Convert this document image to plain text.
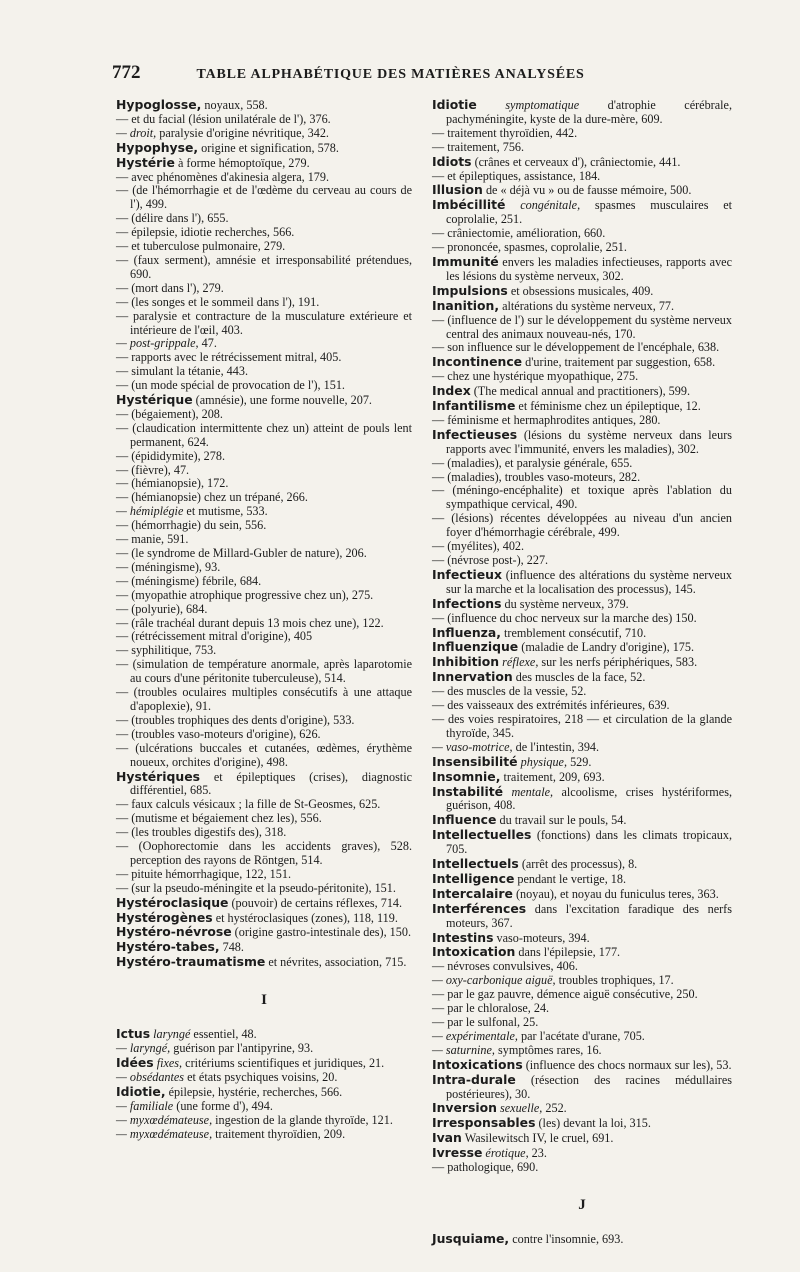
772	TABLE ALPHABÉTIQUE DES MATIÈRES ANALYSÉES
Hypoglosse, noyaux, 558.
— et du facial (lésion unilatérale de l'), 376.
— droit, paralysie d'origine névritique, 342.
Hypophyse, origine et signification, 578.
Hystérie à forme hémoptoïque, 279.
— avec phénomènes d'akinesia algera, 179.
— (de l'hémorrhagie et de l'œdème du cerveau au cours de l'), 499.
— (délire dans l'), 655.
— épilepsie, idiotie recherches, 566.
— et tuberculose pulmonaire, 279.
— (faux serment), amnésie et irresponsabilité prétendues, 690.
— (mort dans l'), 279.
— (les songes et le sommeil dans l'), 191.
— paralysie et contracture de la musculature extérieure et intérieure de l'œil, 403.
— post-grippale, 47.
— rapports avec le rétrécissement mitral, 405.
— simulant la tétanie, 443.
— (un mode spécial de provocation de l'), 151.
Hystérique (amnésie), une forme nouvelle, 207.
— (bégaiement), 208.
— (claudication intermittente chez un) atteint de pouls lent permanent, 624.
— (épididymite), 278.
— (fièvre), 47.
— (hémianopsie), 172.
— (hémianopsie) chez un trépané, 266.
— hémiplégie et mutisme, 533.
— (hémorrhagie) du sein, 556.
— manie, 591.
— (le syndrome de Millard-Gubler de nature), 206.
— (méningisme), 93.
— (méningisme) fébrile, 684.
— (myopathie atrophique progressive chez un), 275.
— (polyurie), 684.
— (râle trachéal durant depuis 13 mois chez une), 122.
— (rétrécissement mitral d'origine), 405
— syphilitique, 753.
— (simulation de température anormale, après laparotomie au cours d'une péritonite tuberculeuse), 514.
— (troubles oculaires multiples consécutifs à une attaque d'apoplexie), 91.
— (troubles trophiques des dents d'origine), 533.
— (troubles vaso-moteurs d'origine), 626.
— (ulcérations buccales et cutanées, œdèmes, érythème noueux, orchites d'origine), 498.
Hystériques et épileptiques (crises), diagnostic différentiel, 685.
— faux calculs vésicaux ; la fille de St-Geosmes, 625.
— (mutisme et bégaiement chez les), 556.
— (les troubles digestifs des), 318.
— (Oophorectomie dans les accidents graves), 528. perception des rayons de Röntgen, 514.
— pituite hémorrhagique, 122, 151.
— (sur la pseudo-méningite et la pseudo-péritonite), 151.
Hystéroclasique (pouvoir) de certains réflexes, 714.
Hystérogènes et hystéroclasiques (zones), 118, 119.
Hystéro-névrose (origine gastro-intestinale des), 150.
Hystéro-tabes, 748.
Hystéro-traumatisme et névrites, association, 715.
I
Ictus laryngé essentiel, 48.
— laryngé, guérison par l'antipyrine, 93.
Idées fixes, critériums scientifiques et juridiques, 21.
— obsédantes et états psychiques voisins, 20.
Idiotie, épilepsie, hystérie, recherches, 566.
— familiale (une forme d'), 494.
— myxœdémateuse, ingestion de la glande thyroïde, 121.
— myxœdémateuse, traitement thyroïdien, 209.
Idiotie symptomatique d'atrophie cérébrale, pachyméningite, kyste de la dure-mère, 609.
— traitement thyroïdien, 442.
— traitement, 756.
Idiots (crânes et cerveaux d'), crâniectomie, 441.
— et épileptiques, assistance, 184.
Illusion de « déjà vu » ou de fausse mémoire, 500.
Imbécillité congénitale, spasmes musculaires et coprolalie, 251.
— crâniectomie, amélioration, 660.
— prononcée, spasmes, coprolalie, 251.
Immunité envers les maladies infectieuses, rapports avec les lésions du système nerveux, 302.
Impulsions et obsessions musicales, 409.
Inanition, altérations du système nerveux, 77.
— (influence de l') sur le développement du système nerveux central des animaux nouveau-nés, 170.
— son influence sur le développement de l'encéphale, 638.
Incontinence d'urine, traitement par suggestion, 658.
— chez une hystérique myopathique, 275.
Index (The medical annual and practitioners), 599.
Infantilisme et féminisme chez un épileptique, 12.
— féminisme et hermaphrodites antiques, 280.
Infectieuses (lésions du système nerveux dans leurs rapports avec l'immunité, envers les maladies), 302.
— (maladies), et paralysie générale, 655.
— (maladies), troubles vaso-moteurs, 282.
— (méningo-encéphalite) et toxique après l'ablation du sympathique cervical, 490.
— (lésions) récentes développées au niveau d'un ancien foyer d'hémorrhagie cérébrale, 499.
— (myélites), 402.
— (névrose post-), 227.
Infectieux (influence des altérations du système nerveux sur la marche et la localisation des processus), 145.
Infections du système nerveux, 379.
— (influence du choc nerveux sur la marche des) 150.
Influenza, tremblement consécutif, 710.
Influenzique (maladie de Landry d'origine), 175.
Inhibition réflexe, sur les nerfs périphériques, 583.
Innervation des muscles de la face, 52.
— des muscles de la vessie, 52.
— des vaisseaux des extrémités inférieures, 639.
— des voies respiratoires, 218 — et circulation de la glande thyroïde, 345.
— vaso-motrice, de l'intestin, 394.
Insensibilité physique, 529.
Insomnie, traitement, 209, 693.
Instabilité mentale, alcoolisme, crises hystériformes, guérison, 408.
Influence du travail sur le pouls, 54.
Intellectuelles (fonctions) dans les climats tropicaux, 705.
Intellectuels (arrêt des processus), 8.
Intelligence pendant le vertige, 18.
Intercalaire (noyau), et noyau du funiculus teres, 363.
Interférences dans l'excitation faradique des nerfs moteurs, 367.
Intestins vaso-moteurs, 394.
Intoxication dans l'épilepsie, 177.
— névroses convulsives, 406.
— oxy-carbonique aiguë, troubles trophiques, 17.
— par le gaz pauvre, démence aiguë consécutive, 250.
— par le chloralose, 24.
— par le sulfonal, 25.
— expérimentale, par l'acétate d'urane, 705.
— saturnine, symptômes rares, 16.
Intoxications (influence des chocs normaux sur les), 53.
Intra-durale (résection des racines médullaires postérieures), 30.
Inversion sexuelle, 252.
Irresponsables (les) devant la loi, 315.
Ivan Wasilewitsch IV, le cruel, 691.
Ivresse érotique, 23.
— pathologique, 690.
J
Jusquiame, contre l'insomnie, 693.
